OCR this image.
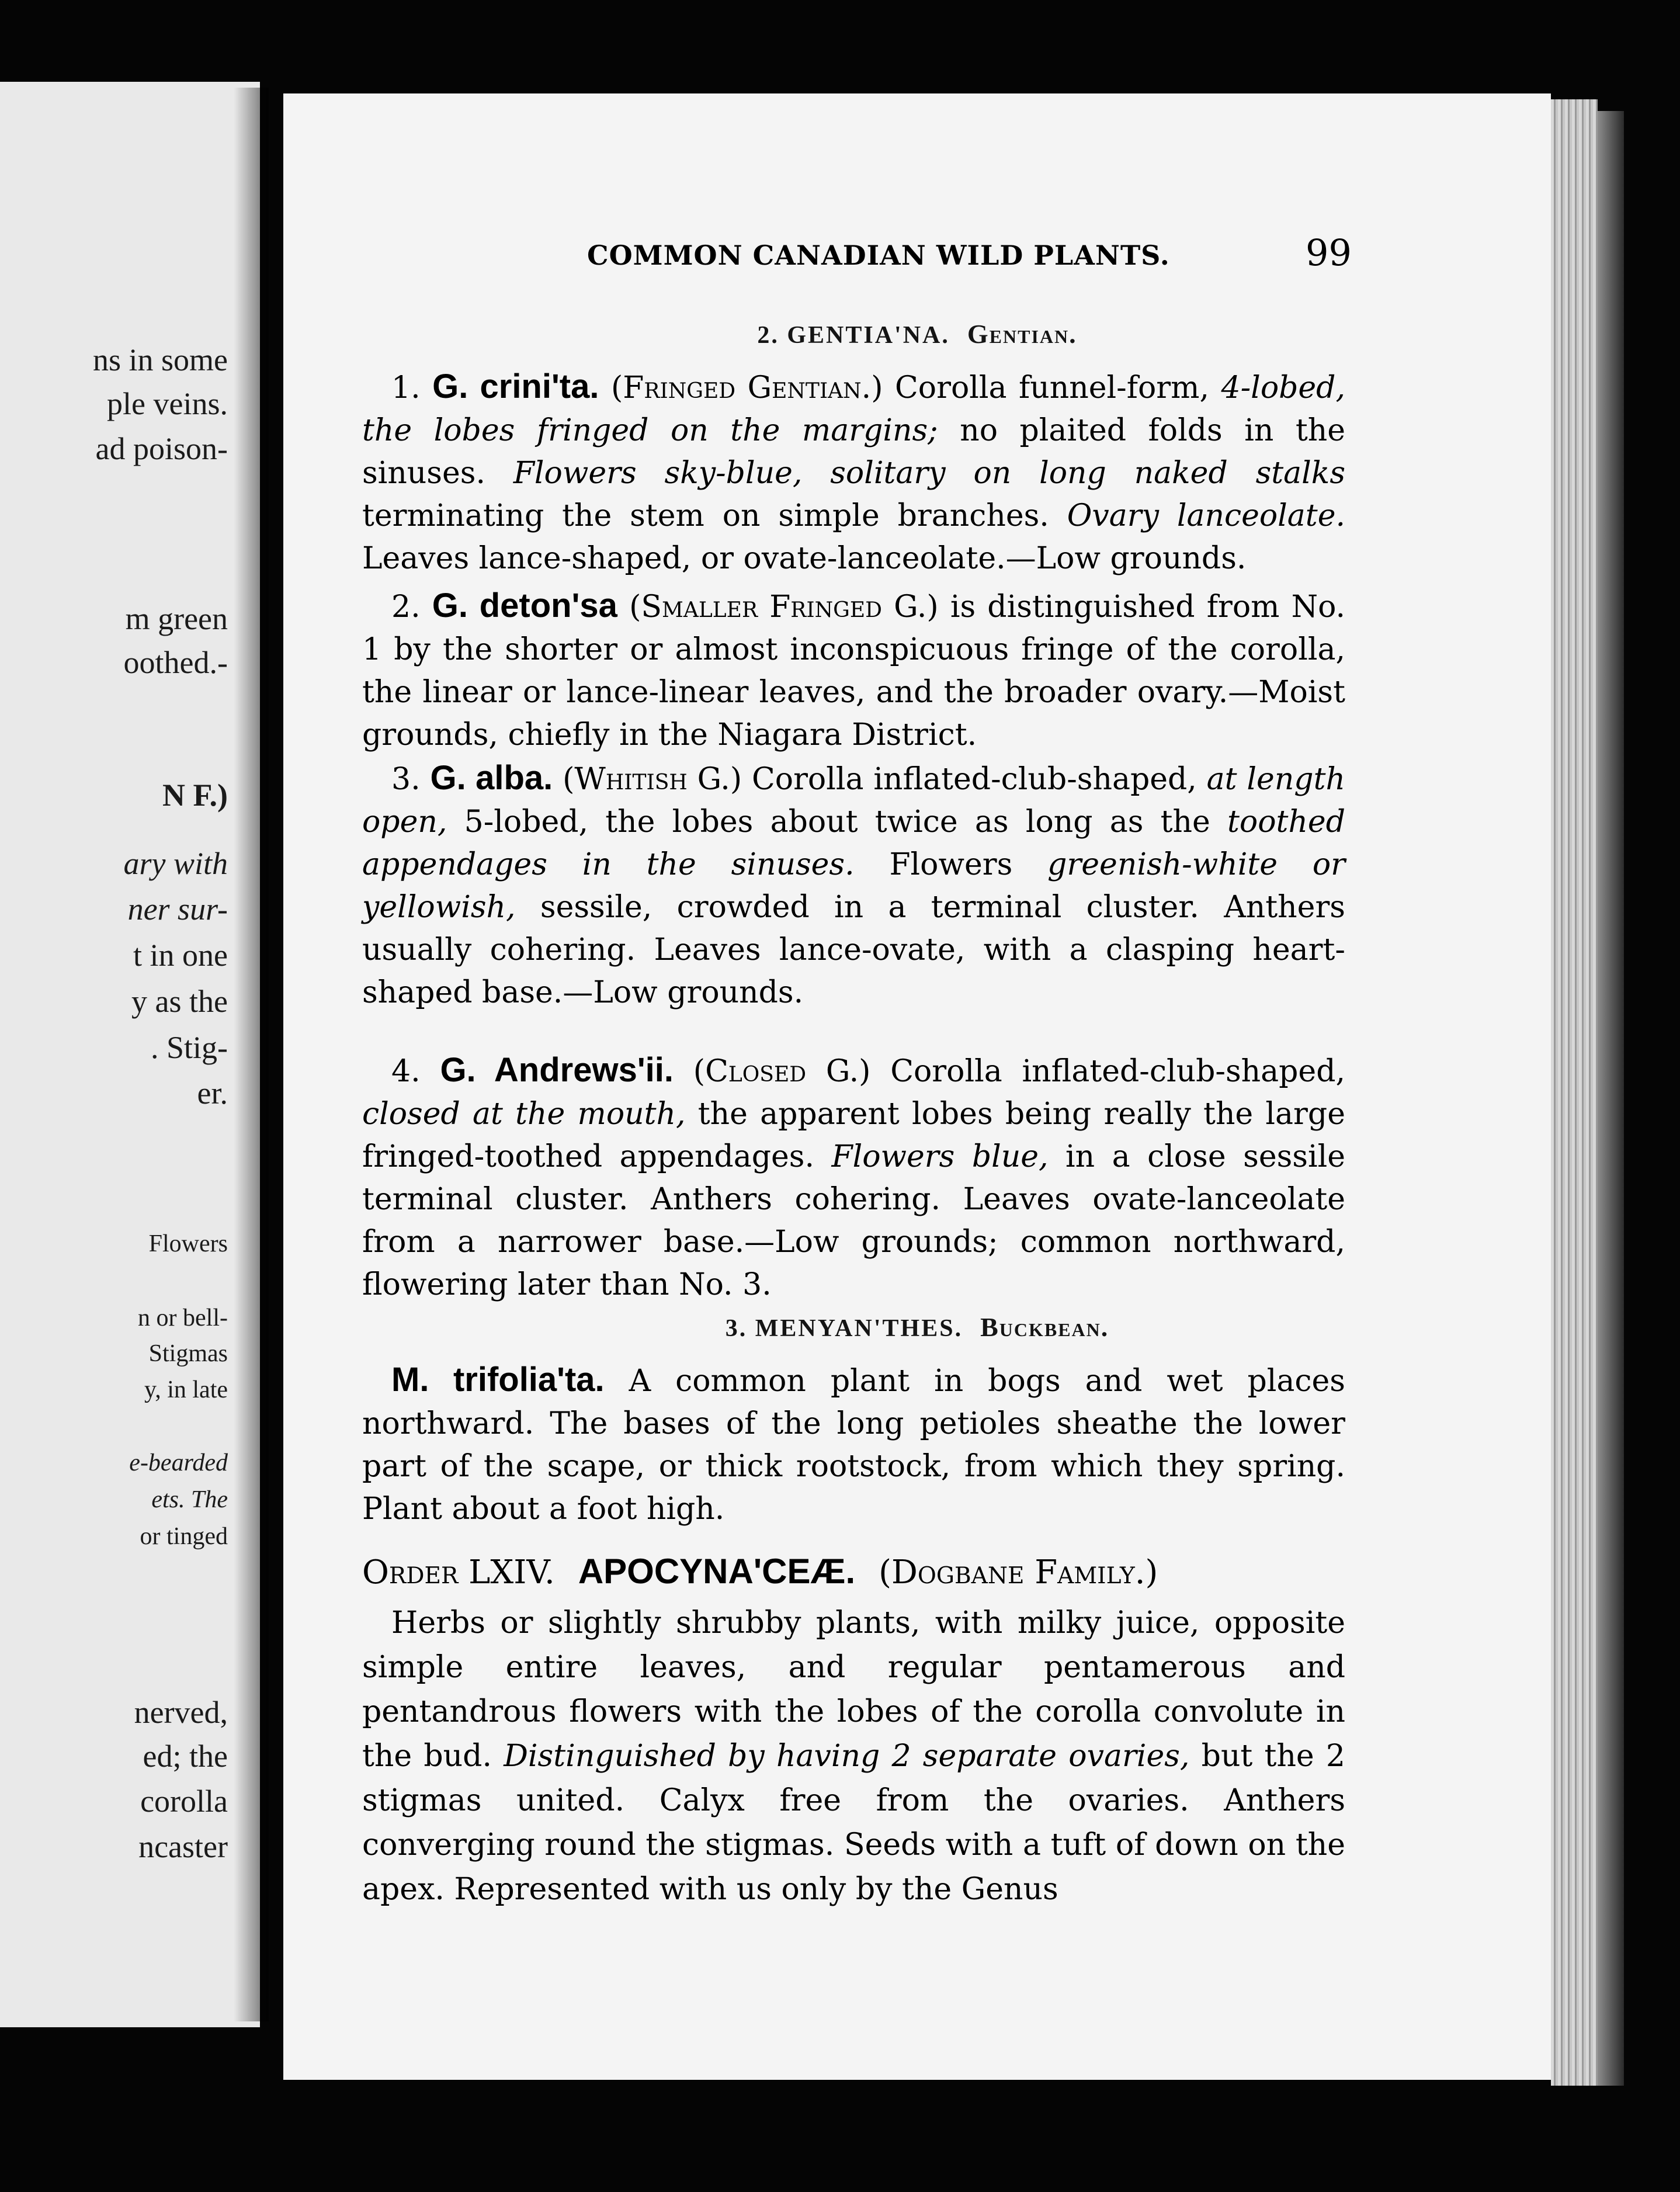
ns in some
ple veins.
ad poison-
m green
oothed.-
N F.)
ary with
ner sur-
t in one
y as the
. Stig-
er.
Flowers
n or bell-
Stigmas
y, in late
e-bearded
ets. The
or tinged
nerved,
ed; the
corolla
ncaster
COMMON CANADIAN WILD PLANTS.	99
2. GENTIA'NA. Gentian.

1. G. crini'ta. (Fringed Gentian.) Corolla funnel-form, 4-lobed, the lobes fringed on the margins; no plaited folds in the sinuses. Flowers sky-blue, solitary on long naked stalks terminating the stem on simple branches. Ovary lanceolate. Leaves lance-shaped, or ovate-lanceolate.—Low grounds.

2. G. deton'sa (Smaller Fringed G.) is distinguished from No. 1 by the shorter or almost inconspicuous fringe of the corolla, the linear or lance-linear leaves, and the broader ovary.—Moist grounds, chiefly in the Niagara District.

3. G. alba. (Whitish G.) Corolla inflated-club-shaped, at length open, 5-lobed, the lobes about twice as long as the toothed appendages in the sinuses. Flowers greenish-white or yellowish, sessile, crowded in a terminal cluster. Anthers usually cohering. Leaves lance-ovate, with a clasping heart-shaped base.—Low grounds.

4. G. Andrews'ii. (Closed G.) Corolla inflated-club-shaped, closed at the mouth, the apparent lobes being really the large fringed-toothed appendages. Flowers blue, in a close sessile terminal cluster. Anthers cohering. Leaves ovate-lanceolate from a narrower base.—Low grounds; common northward, flowering later than No. 3.

3. MENYAN'THES. Buckbean.

M. trifolia'ta. A common plant in bogs and wet places northward. The bases of the long petioles sheathe the lower part of the scape, or thick rootstock, from which they spring. Plant about a foot high.

Order LXIV. APOCYNA'CEÆ. (Dogbane Family.)

Herbs or slightly shrubby plants, with milky juice, opposite simple entire leaves, and regular pentamerous and pentandrous flowers with the lobes of the corolla convolute in the bud. Distinguished by having 2 separate ovaries, but the 2 stigmas united. Calyx free from the ovaries. Anthers converging round the stigmas. Seeds with a tuft of down on the apex. Represented with us only by the Genus
